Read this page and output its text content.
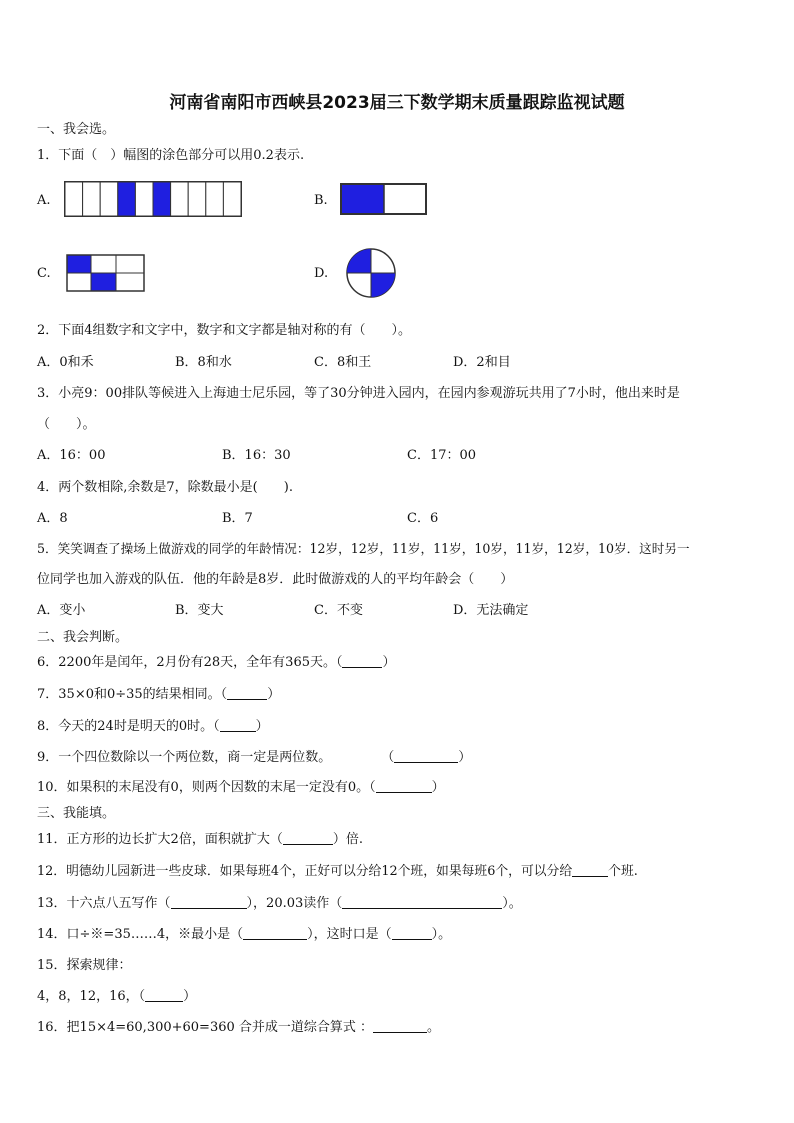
河南省南阳市西峡县2023届三下数学期末质量跟踪监视试题
一、我会选。
1．下面（　）幅图的涂色部分可以用0.2表示.
A.	B.
C.	D.
2．下面4组数字和文字中，数字和文字都是轴对称的有（　　）。
A．0和禾	B．8和水	C．8和王	D．2和目
3．小亮9：00排队等候进入上海迪士尼乐园，等了30分钟进入园内，在园内参观游玩共用了7小时，他出来时是
（　　）。
A．16：00	B．16：30	C．17：00
4．两个数相除,余数是7，除数最小是(　　).
A．8	B．7	C．6
5．笑笑调查了操场上做游戏的同学的年龄情况：12岁，12岁，11岁，11岁，10岁，11岁，12岁，10岁．这时另一
位同学也加入游戏的队伍．他的年龄是8岁．此时做游戏的人的平均年龄会（　　）
A．变小	B．变大	C．不变	D．无法确定
二、我会判断。
6．2200年是闰年，2月份有28天，全年有365天。（	）
7．35×0和0÷35的结果相同。（	）
8．今天的24时是明天的0时。（	）
9．一个四位数除以一个两位数，商一定是两位数。	（	）
10．如果积的末尾没有0，则两个因数的末尾一定没有0。（	）
三、我能填。
11．正方形的边长扩大2倍，面积就扩大（	）倍.
12．明德幼儿园新进一些皮球．如果每班4个，正好可以分给12个班，如果每班6个，可以分给	个班.
13．十六点八五写作（	），20.03读作（	）。
14．口÷※=35……4，※最小是（	），这时口是（	）。
15．探索规律：
4，8，12，16，（	）
16．把15×4=60,300+60=360 合并成一道综合算式 ：	。
